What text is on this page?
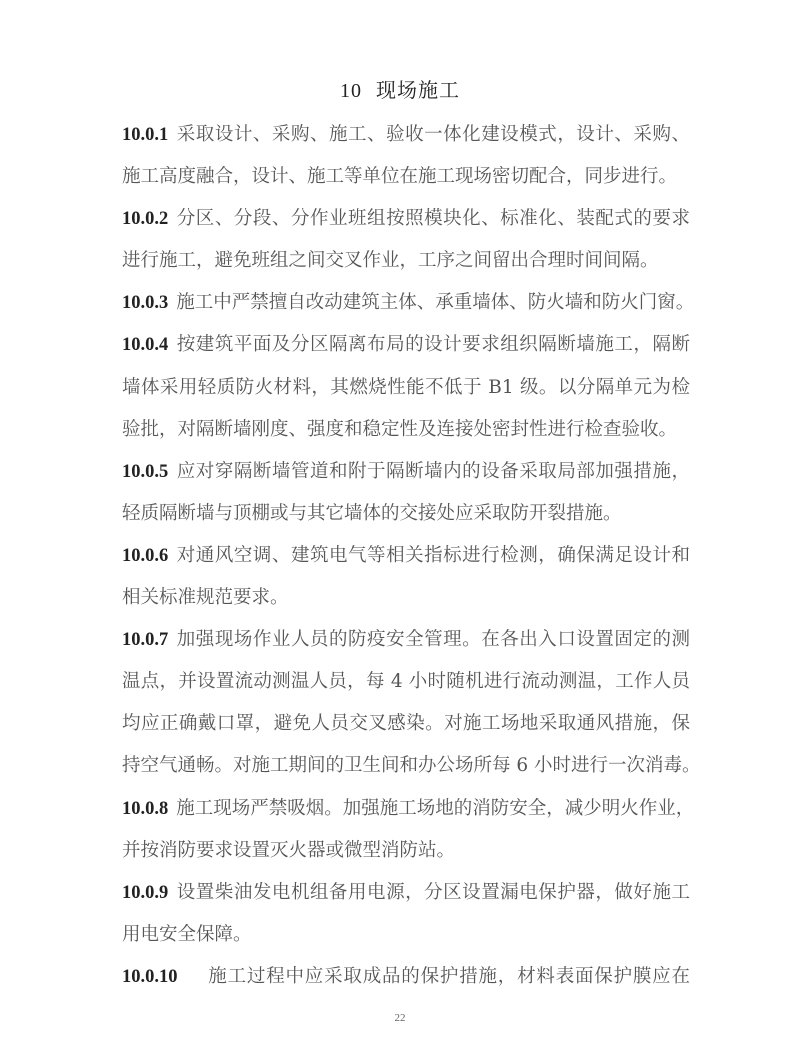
10 现场施工
10.0.1 采取设计、采购、施工、验收一体化建设模式，设计、采购、
施工高度融合，设计、施工等单位在施工现场密切配合，同步进行。
10.0.2 分区、分段、分作业班组按照模块化、标准化、装配式的要求
进行施工，避免班组之间交叉作业，工序之间留出合理时间间隔。
10.0.3 施工中严禁擅自改动建筑主体、承重墙体、防火墙和防火门窗。
10.0.4 按建筑平面及分区隔离布局的设计要求组织隔断墙施工，隔断
墙体采用轻质防火材料，其燃烧性能不低于 B1 级。以分隔单元为检
验批，对隔断墙刚度、强度和稳定性及连接处密封性进行检查验收。
10.0.5 应对穿隔断墙管道和附于隔断墙内的设备采取局部加强措施，
轻质隔断墙与顶棚或与其它墙体的交接处应采取防开裂措施。
10.0.6 对通风空调、建筑电气等相关指标进行检测，确保满足设计和
相关标准规范要求。
10.0.7 加强现场作业人员的防疫安全管理。在各出入口设置固定的测
温点，并设置流动测温人员，每 4 小时随机进行流动测温，工作人员
均应正确戴口罩，避免人员交叉感染。对施工场地采取通风措施，保
持空气通畅。对施工期间的卫生间和办公场所每 6 小时进行一次消毒。
10.0.8 施工现场严禁吸烟。加强施工场地的消防安全，减少明火作业，
并按消防要求设置灭火器或微型消防站。
10.0.9 设置柴油发电机组备用电源，分区设置漏电保护器，做好施工
用电安全保障。
10.0.10 施工过程中应采取成品的保护措施，材料表面保护膜应在
22
